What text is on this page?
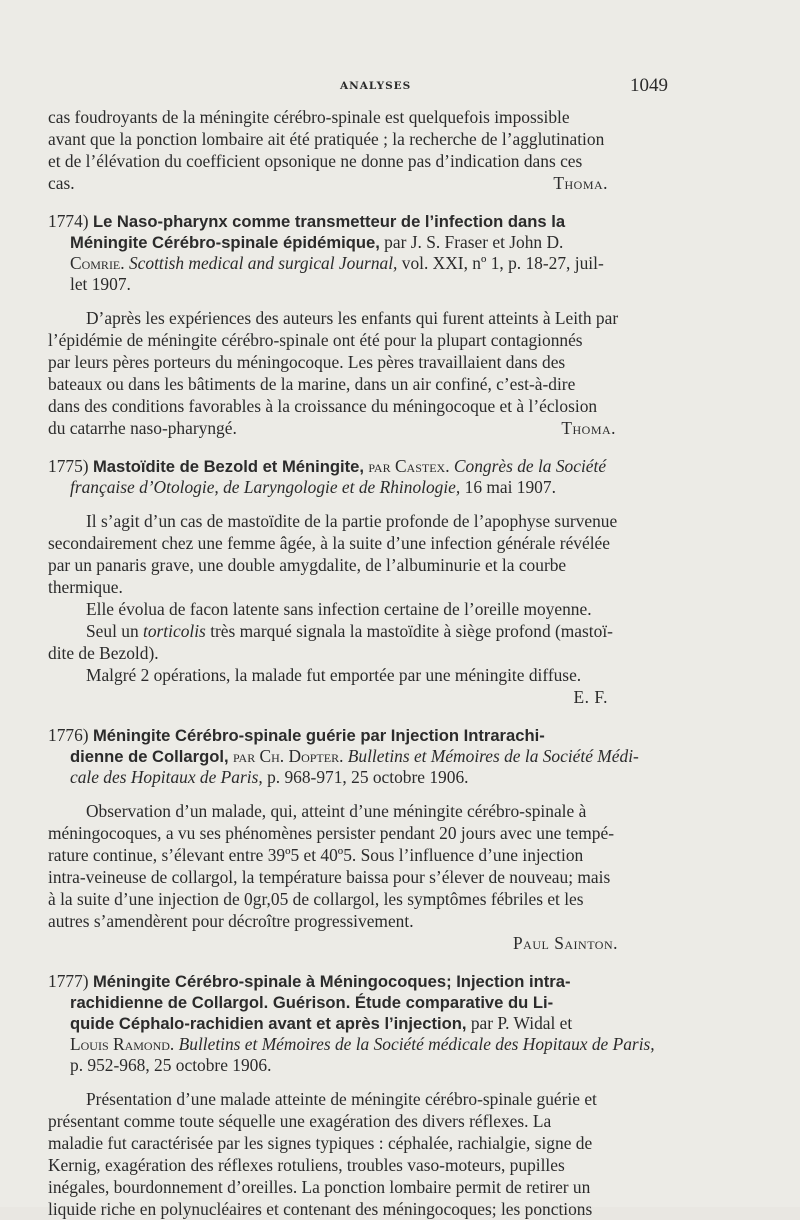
ANALYSES	1049
cas foudroyants de la méningite cérébro-spinale est quelquefois impossible
avant que la ponction lombaire ait été pratiquée ; la recherche de l’agglutination
et de l’élévation du coefficient opsonique ne donne pas d’indication dans ces
cas.	Thoma.
1774) Le Naso-pharynx comme transmetteur de l’infection dans la
Méningite Cérébro-spinale épidémique, par J. S. Fraser et John D.
Comrie. Scottish medical and surgical Journal, vol. XXI, nº 1, p. 18-27, juil-
let 1907.
D’après les expériences des auteurs les enfants qui furent atteints à Leith par
l’épidémie de méningite cérébro-spinale ont été pour la plupart contagionnés
par leurs pères porteurs du méningocoque. Les pères travaillaient dans des
bateaux ou dans les bâtiments de la marine, dans un air confiné, c’est-à-dire
dans des conditions favorables à la croissance du méningocoque et à l’éclosion
du catarrhe naso-pharyngé.	Thoma.
1775) Mastoïdite de Bezold et Méningite, par Castex. Congrès de la Société
française d’Otologie, de Laryngologie et de Rhinologie, 16 mai 1907.
Il s’agit d’un cas de mastoïdite de la partie profonde de l’apophyse survenue
secondairement chez une femme âgée, à la suite d’une infection générale révélée
par un panaris grave, une double amygdalite, de l’albuminurie et la courbe
thermique.
Elle évolua de facon latente sans infection certaine de l’oreille moyenne.
Seul un torticolis très marqué signala la mastoïdite à siège profond (mastoï-
dite de Bezold).
Malgré 2 opérations, la malade fut emportée par une méningite diffuse.
E. F.
1776) Méningite Cérébro-spinale guérie par Injection Intrarachi-
dienne de Collargol, par Ch. Dopter. Bulletins et Mémoires de la Société Médi-
cale des Hopitaux de Paris, p. 968-971, 25 octobre 1906.
Observation d’un malade, qui, atteint d’une méningite cérébro-spinale à
méningocoques, a vu ses phénomènes persister pendant 20 jours avec une tempé-
rature continue, s’élevant entre 39º5 et 40º5. Sous l’influence d’une injection
intra-veineuse de collargol, la température baissa pour s’élever de nouveau; mais
à la suite d’une injection de 0gr,05 de collargol, les symptômes fébriles et les
autres s’amendèrent pour décroître progressivement.
Paul Sainton.
1777) Méningite Cérébro-spinale à Méningocoques; Injection intra-
rachidienne de Collargol. Guérison. Étude comparative du Li-
quide Céphalo-rachidien avant et après l’injection, par P. Widal et
Louis Ramond. Bulletins et Mémoires de la Société médicale des Hopitaux de Paris,
p. 952-968, 25 octobre 1906.
Présentation d’une malade atteinte de méningite cérébro-spinale guérie et
présentant comme toute séquelle une exagération des divers réflexes. La
maladie fut caractérisée par les signes typiques : céphalée, rachialgie, signe de
Kernig, exagération des réflexes rotuliens, troubles vaso-moteurs, pupilles
inégales, bourdonnement d’oreilles. La ponction lombaire permit de retirer un
liquide riche en polynucléaires et contenant des méningocoques; les ponctions
